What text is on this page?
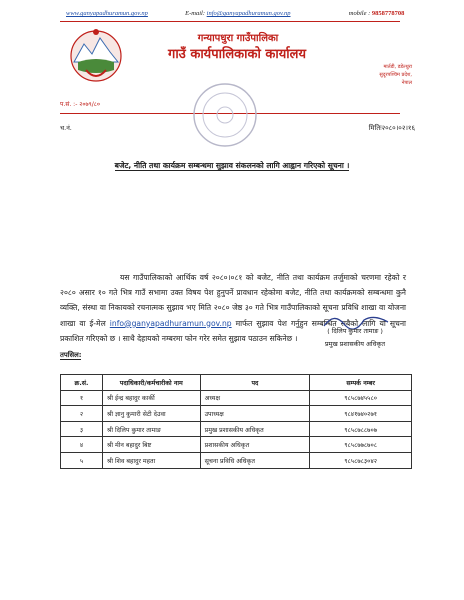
www.ganyapadhuramun.gov.np	E-mail: info@ganyapadhuramun.gov.np	mobile : 9858778708
गन्यापधुरा गाउँपालिका
गाउँ कार्यपालिकाको कार्यालय
मार्तडी, डडेल्धुरा
सुदूरपश्चिम प्रदेश,
नेपाल
प.सं. :- २०७९/८०
च.नं.	मितिः२०८०।०२।१६
बजेट, नीति तथा कार्यक्रम सम्बन्धमा सुझाव संकलनको लागि आह्वान गरिएको सूचना ।

यस गाउँपालिकाको आर्थिक वर्ष २०८०।०८१ को बजेट, नीति तथा कार्यक्रम तर्जुमाको चरणमा रहेको र २०८० असार १० गते भित्र गाउँ सभामा उक्त विषय पेश हुनुपर्ने प्रावधान रहेकोमा बजेट, नीति तथा कार्यक्रमको सम्बन्धमा कुनै व्यक्ति, संस्था वा निकायको रचनात्मक सुझाव भए मिति २०८० जेष्ठ ३० गते भित्र गाउँपालिकाको सूचना प्रविधि शाखा वा योजना शाखा वा ई-मेल info@ganyapadhuramun.gov.np मार्फत सुझाव पेश गर्नुहुन सम्बन्धित सबैको लागि यो सूचना प्रकाशित गरिएको छ । साथै देहायको नम्बरमा फोन गरेर समेत सुझाव पठाउन सकिनेछ ।

( दिलिप कुमार तामाङ )
प्रमुख प्रशासकीय अधिकृत
तपसिल:
क्र.सं.	पदाधिकारी/कर्मचारीको नाम	पद	सम्पर्क नम्बर
१	श्री ईन्द्र बहादुर कार्की	अध्यक्ष	९८५८७४५५८०
२	श्री ज्ञानु कुमारी सेटी देउवा	उपाध्यक्ष	९८४१७४०२७१
३	श्री दिलिप कुमार तामाङ	प्रमुख प्रशासकीय अधिकृत	९८५८७८८७०७
४	श्री मीन बहादुर बिष्ट	प्रशासकीय अधिकृत	९८५८७७८७०८
५	श्री शिव बहादुर महता	सूचना प्रविधि अधिकृत	९८५८७८३०४२
